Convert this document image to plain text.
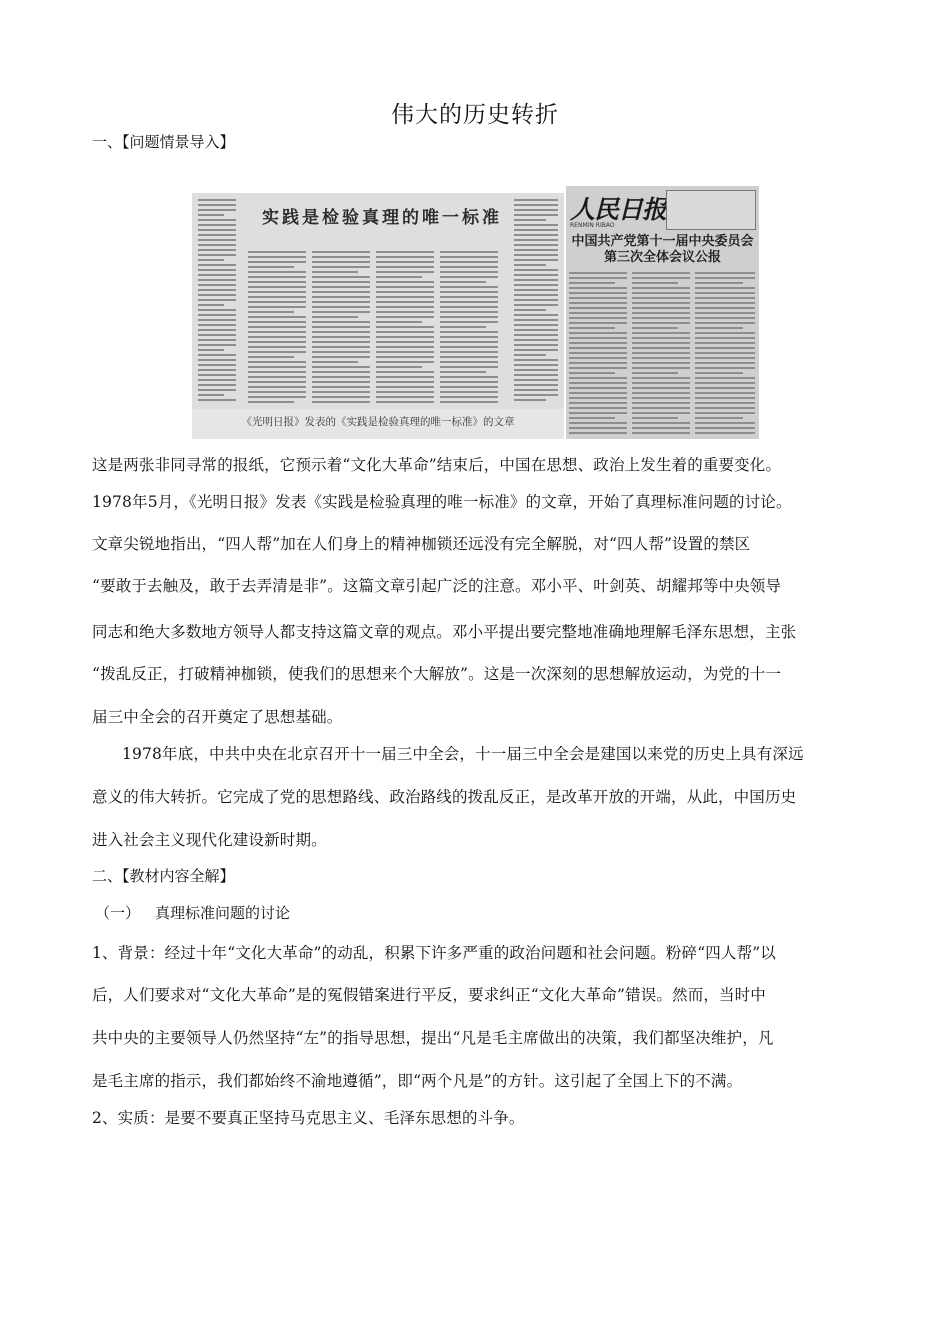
伟大的历史转折
一、【问题情景导入】
实践是检验真理的唯一标准
《光明日报》发表的《实践是检验真理的唯一标准》的文章
人民日报
RENMIN RIBAO
中国共产党第十一届中央委员会
第三次全体会议公报
这是两张非同寻常的报纸，它预示着“文化大革命”结束后，中国在思想、政治上发生着的重要变化。
1978年5月，《光明日报》发表《实践是检验真理的唯一标准》的文章，开始了真理标准问题的讨论。
文章尖锐地指出，“四人帮”加在人们身上的精神枷锁还远没有完全解脱，对“四人帮”设置的禁区
“要敢于去触及，敢于去弄清是非”。这篇文章引起广泛的注意。邓小平、叶剑英、胡耀邦等中央领导
同志和绝大多数地方领导人都支持这篇文章的观点。邓小平提出要完整地准确地理解毛泽东思想，主张
“拨乱反正，打破精神枷锁，使我们的思想来个大解放”。这是一次深刻的思想解放运动，为党的十一
届三中全会的召开奠定了思想基础。
1978年底，中共中央在北京召开十一届三中全会，十一届三中全会是建国以来党的历史上具有深远
意义的伟大转折。它完成了党的思想路线、政治路线的拨乱反正，是改革开放的开端，从此，中国历史
进入社会主义现代化建设新时期。
二、【教材内容全解】
（一） 真理标准问题的讨论
1、背景：经过十年“文化大革命”的动乱，积累下许多严重的政治问题和社会问题。粉碎“四人帮”以
后，人们要求对“文化大革命”是的冤假错案进行平反，要求纠正“文化大革命”错误。然而，当时中
共中央的主要领导人仍然坚持“左”的指导思想，提出“凡是毛主席做出的决策，我们都坚决维护，凡
是毛主席的指示，我们都始终不渝地遵循”，即“两个凡是”的方针。这引起了全国上下的不满。
2、实质：是要不要真正坚持马克思主义、毛泽东思想的斗争。
